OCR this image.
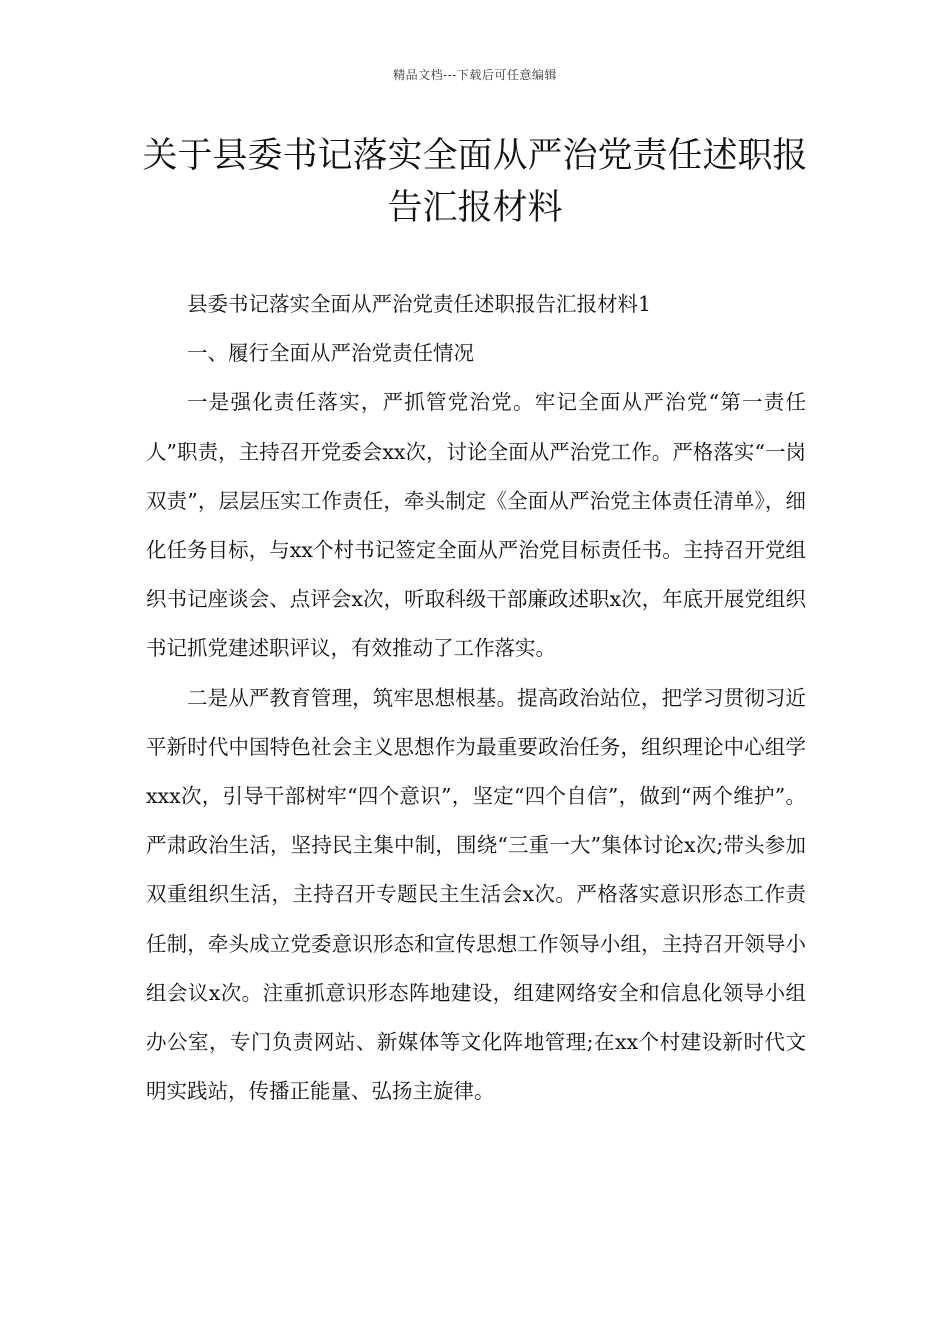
精品文档---下载后可任意编辑
关于县委书记落实全面从严治党责任述职报告汇报材料

县委书记落实全面从严治党责任述职报告汇报材料1

一、履行全面从严治党责任情况

一是强化责任落实，严抓管党治党。牢记全面从严治党“第一责任人”职责，主持召开党委会xx次，讨论全面从严治党工作。严格落实“一岗双责”，层层压实工作责任，牵头制定《全面从严治党主体责任清单》，细化任务目标，与xx个村书记签定全面从严治党目标责任书。主持召开党组织书记座谈会、点评会x次，听取科级干部廉政述职x次，年底开展党组织书记抓党建述职评议，有效推动了工作落实。

二是从严教育管理，筑牢思想根基。提高政治站位，把学习贯彻习近平新时代中国特色社会主义思想作为最重要政治任务，组织理论中心组学xxx次，引导干部树牢“四个意识”，坚定“四个自信”，做到“两个维护”。严肃政治生活，坚持民主集中制，围绕“三重一大”集体讨论x次;带头参加双重组织生活，主持召开专题民主生活会x次。严格落实意识形态工作责任制，牵头成立党委意识形态和宣传思想工作领导小组，主持召开领导小组会议x次。注重抓意识形态阵地建设，组建网络安全和信息化领导小组办公室，专门负责网站、新媒体等文化阵地管理;在xx个村建设新时代文明实践站，传播正能量、弘扬主旋律。
